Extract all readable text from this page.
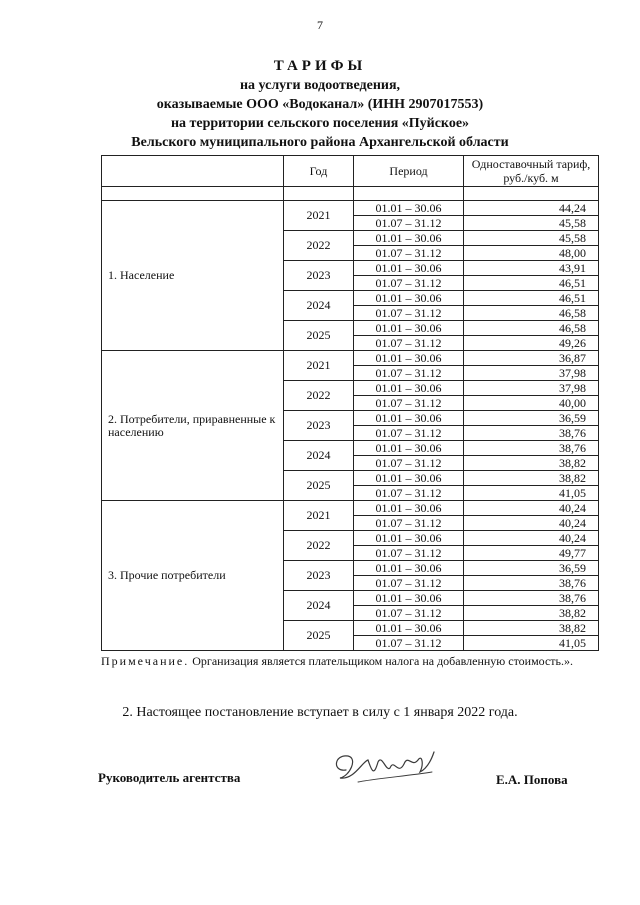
7
ТАРИФЫ
на услуги водоотведения,
оказываемые ООО «Водоканал» (ИНН 2907017553)
на территории сельского поселения «Пуйское»
Вельского муниципального района Архангельской области
	Год	Период	Одноставочный тариф, руб./куб. м

1. Население	2021	01.01 – 30.06	44,24
		01.07 – 31.12	45,58
	2022	01.01 – 30.06	45,58
		01.07 – 31.12	48,00
	2023	01.01 – 30.06	43,91
		01.07 – 31.12	46,51
	2024	01.01 – 30.06	46,51
		01.07 – 31.12	46,58
	2025	01.01 – 30.06	46,58
		01.07 – 31.12	49,26
2. Потребители, приравненные к населению	2021	01.01 – 30.06	36,87
		01.07 – 31.12	37,98
	2022	01.01 – 30.06	37,98
		01.07 – 31.12	40,00
	2023	01.01 – 30.06	36,59
		01.07 – 31.12	38,76
	2024	01.01 – 30.06	38,76
		01.07 – 31.12	38,82
	2025	01.01 – 30.06	38,82
		01.07 – 31.12	41,05
3. Прочие потребители	2021	01.01 – 30.06	40,24
		01.07 – 31.12	40,24
	2022	01.01 – 30.06	40,24
		01.07 – 31.12	49,77
	2023	01.01 – 30.06	36,59
		01.07 – 31.12	38,76
	2024	01.01 – 30.06	38,76
		01.07 – 31.12	38,82
	2025	01.01 – 30.06	38,82
		01.07 – 31.12	41,05
Примечание. Организация является плательщиком налога на добавленную стоимость.».
2. Настоящее постановление вступает в силу с 1 января 2022 года.
Руководитель агентства	Е.А. Попова
